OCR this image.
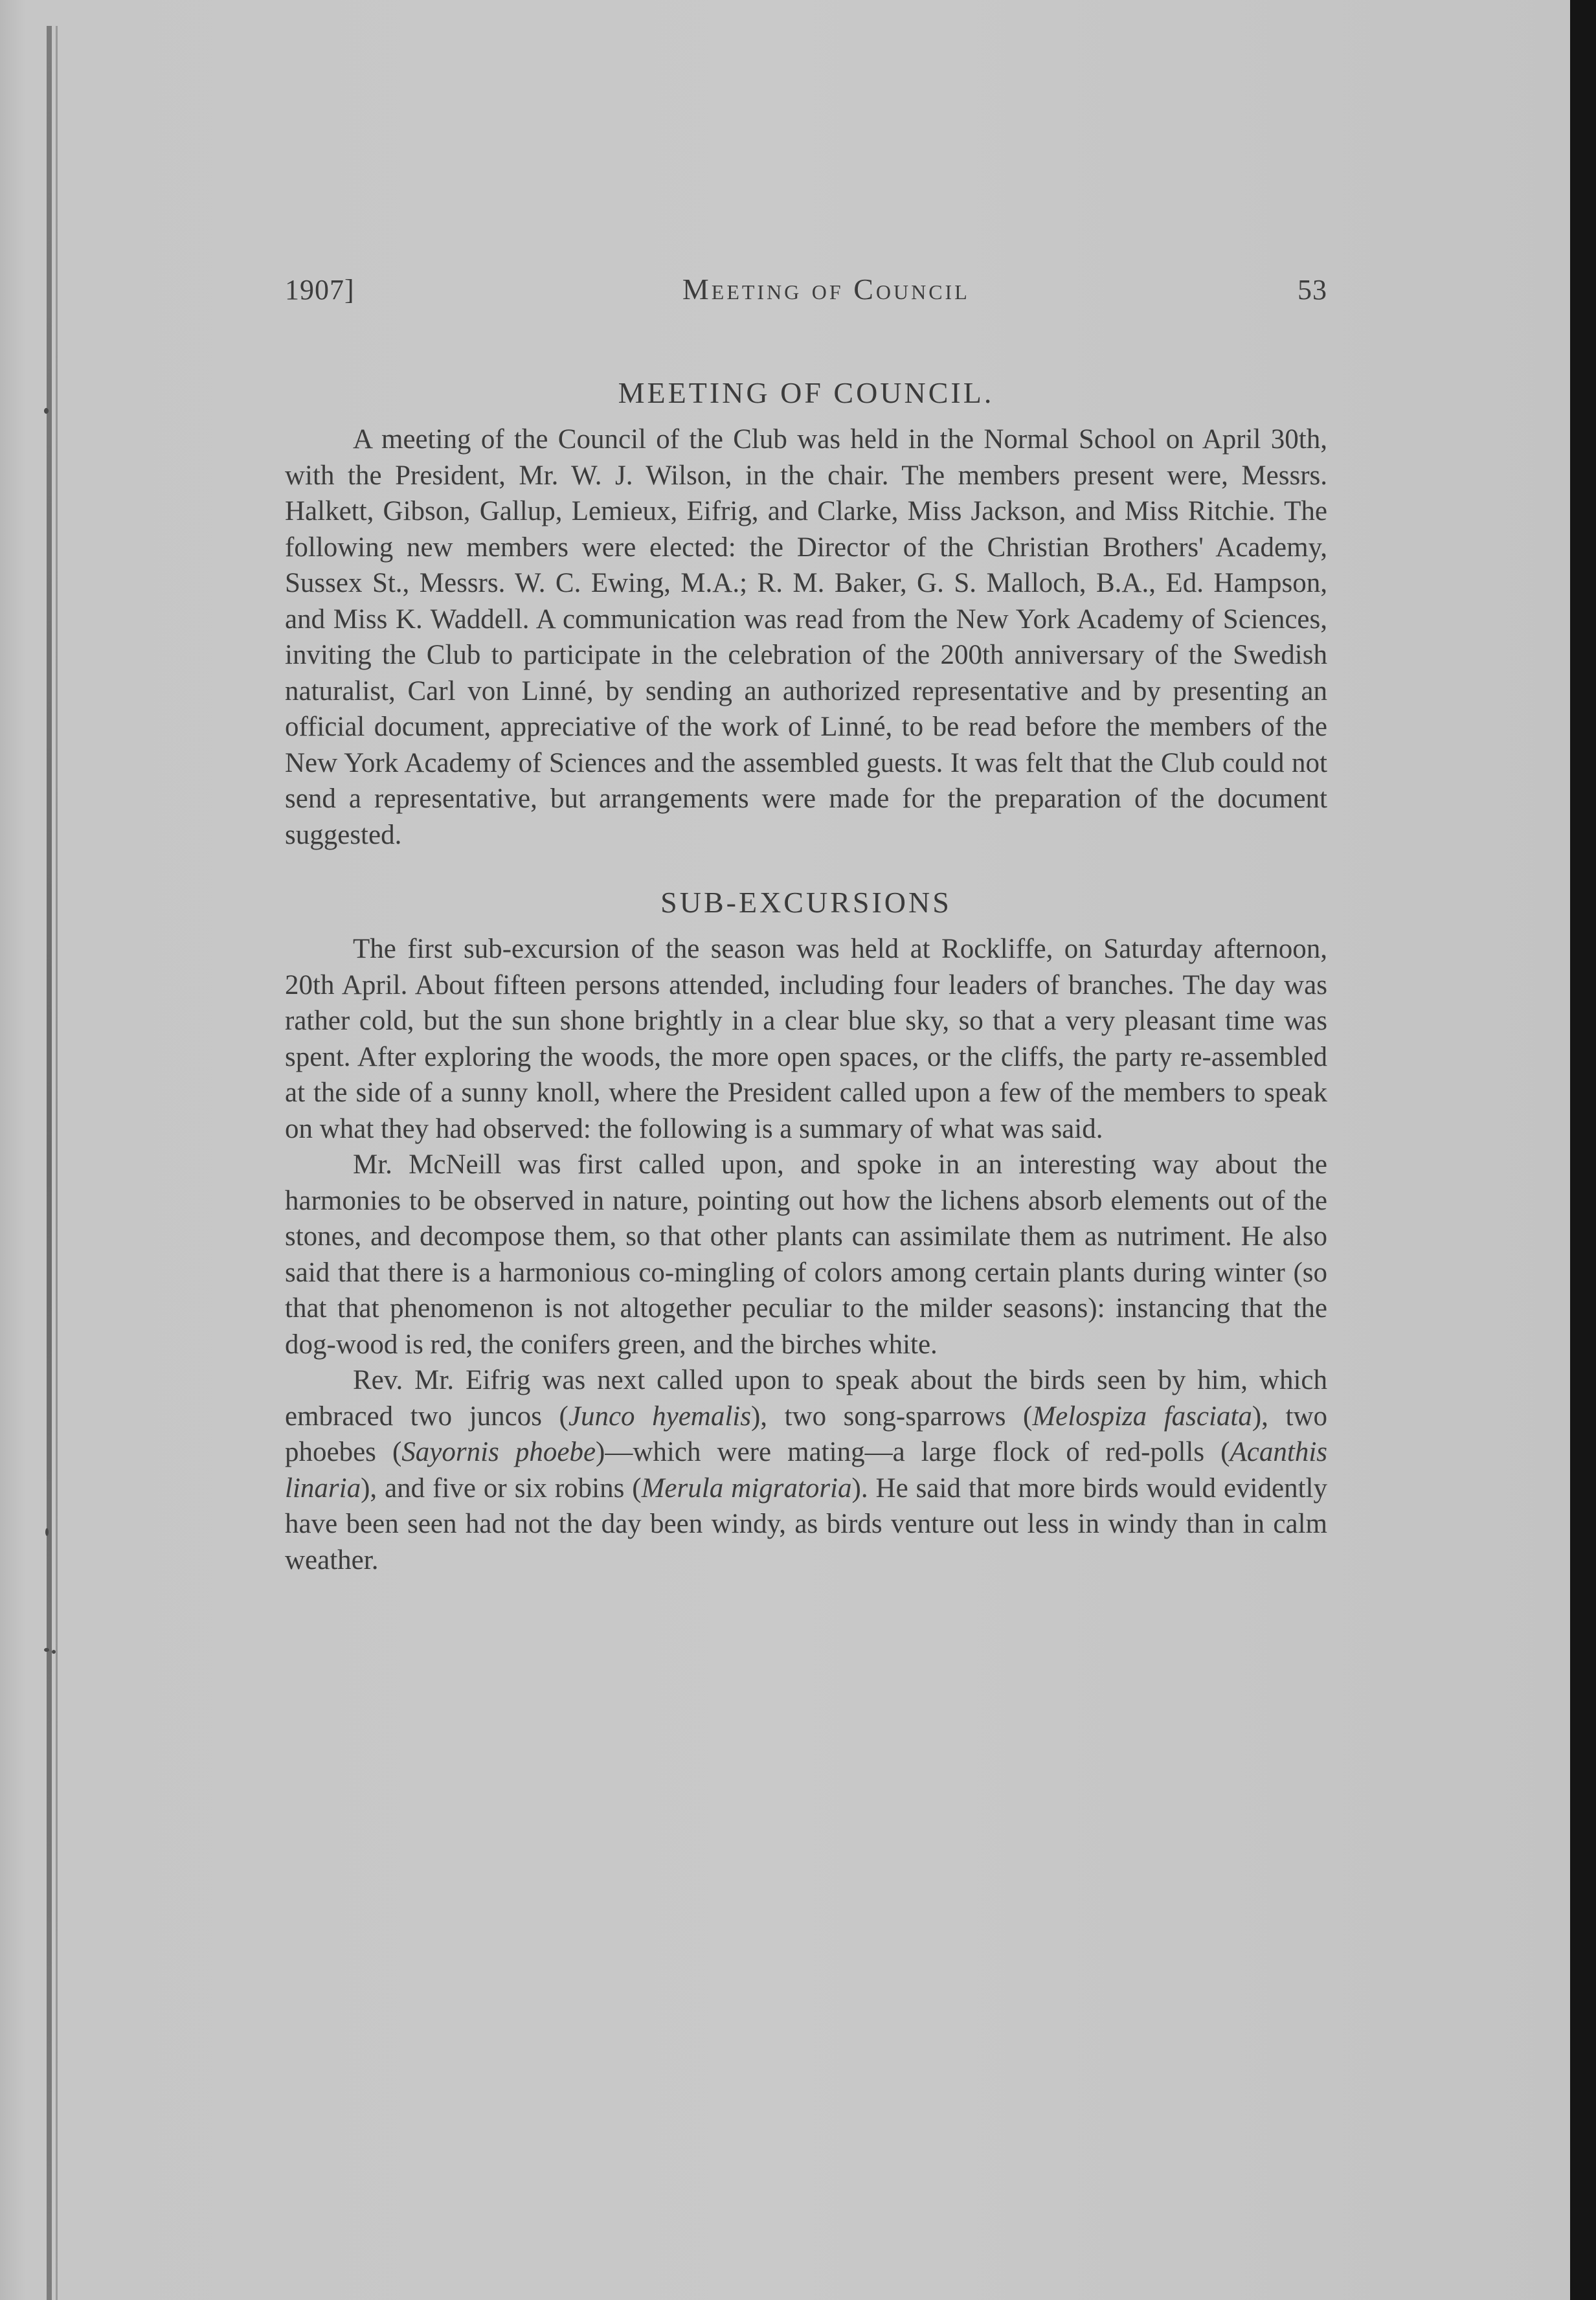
1907]	Meeting of Council	53
MEETING OF COUNCIL.

A meeting of the Council of the Club was held in the Normal School on April 30th, with the President, Mr. W. J. Wilson, in the chair. The members present were, Messrs. Halkett, Gibson, Gallup, Lemieux, Eifrig, and Clarke, Miss Jackson, and Miss Ritchie. The following new members were elected: the Director of the Christian Brothers' Academy, Sussex St., Messrs. W. C. Ewing, M.A.; R. M. Baker, G. S. Malloch, B.A., Ed. Hampson, and Miss K. Waddell. A communication was read from the New York Academy of Sciences, inviting the Club to participate in the celebration of the 200th anniversary of the Swedish naturalist, Carl von Linné, by sending an authorized representative and by presenting an official document, appreciative of the work of Linné, to be read before the members of the New York Academy of Sciences and the assembled guests. It was felt that the Club could not send a representative, but arrangements were made for the preparation of the document suggested.

SUB-EXCURSIONS

The first sub-excursion of the season was held at Rockliffe, on Saturday afternoon, 20th April. About fifteen persons attended, including four leaders of branches. The day was rather cold, but the sun shone brightly in a clear blue sky, so that a very pleasant time was spent. After exploring the woods, the more open spaces, or the cliffs, the party re-assembled at the side of a sunny knoll, where the President called upon a few of the members to speak on what they had observed: the following is a summary of what was said.

Mr. McNeill was first called upon, and spoke in an interesting way about the harmonies to be observed in nature, pointing out how the lichens absorb elements out of the stones, and decompose them, so that other plants can assimilate them as nutriment. He also said that there is a harmonious co-mingling of colors among certain plants during winter (so that that phenomenon is not altogether peculiar to the milder seasons): instancing that the dog-wood is red, the conifers green, and the birches white.

Rev. Mr. Eifrig was next called upon to speak about the birds seen by him, which embraced two juncos (Junco hyemalis), two song-sparrows (Melospiza fasciata), two phoebes (Sayornis phoebe)—which were mating—a large flock of red-polls (Acanthis linaria), and five or six robins (Merula migratoria). He said that more birds would evidently have been seen had not the day been windy, as birds venture out less in windy than in calm weather.
